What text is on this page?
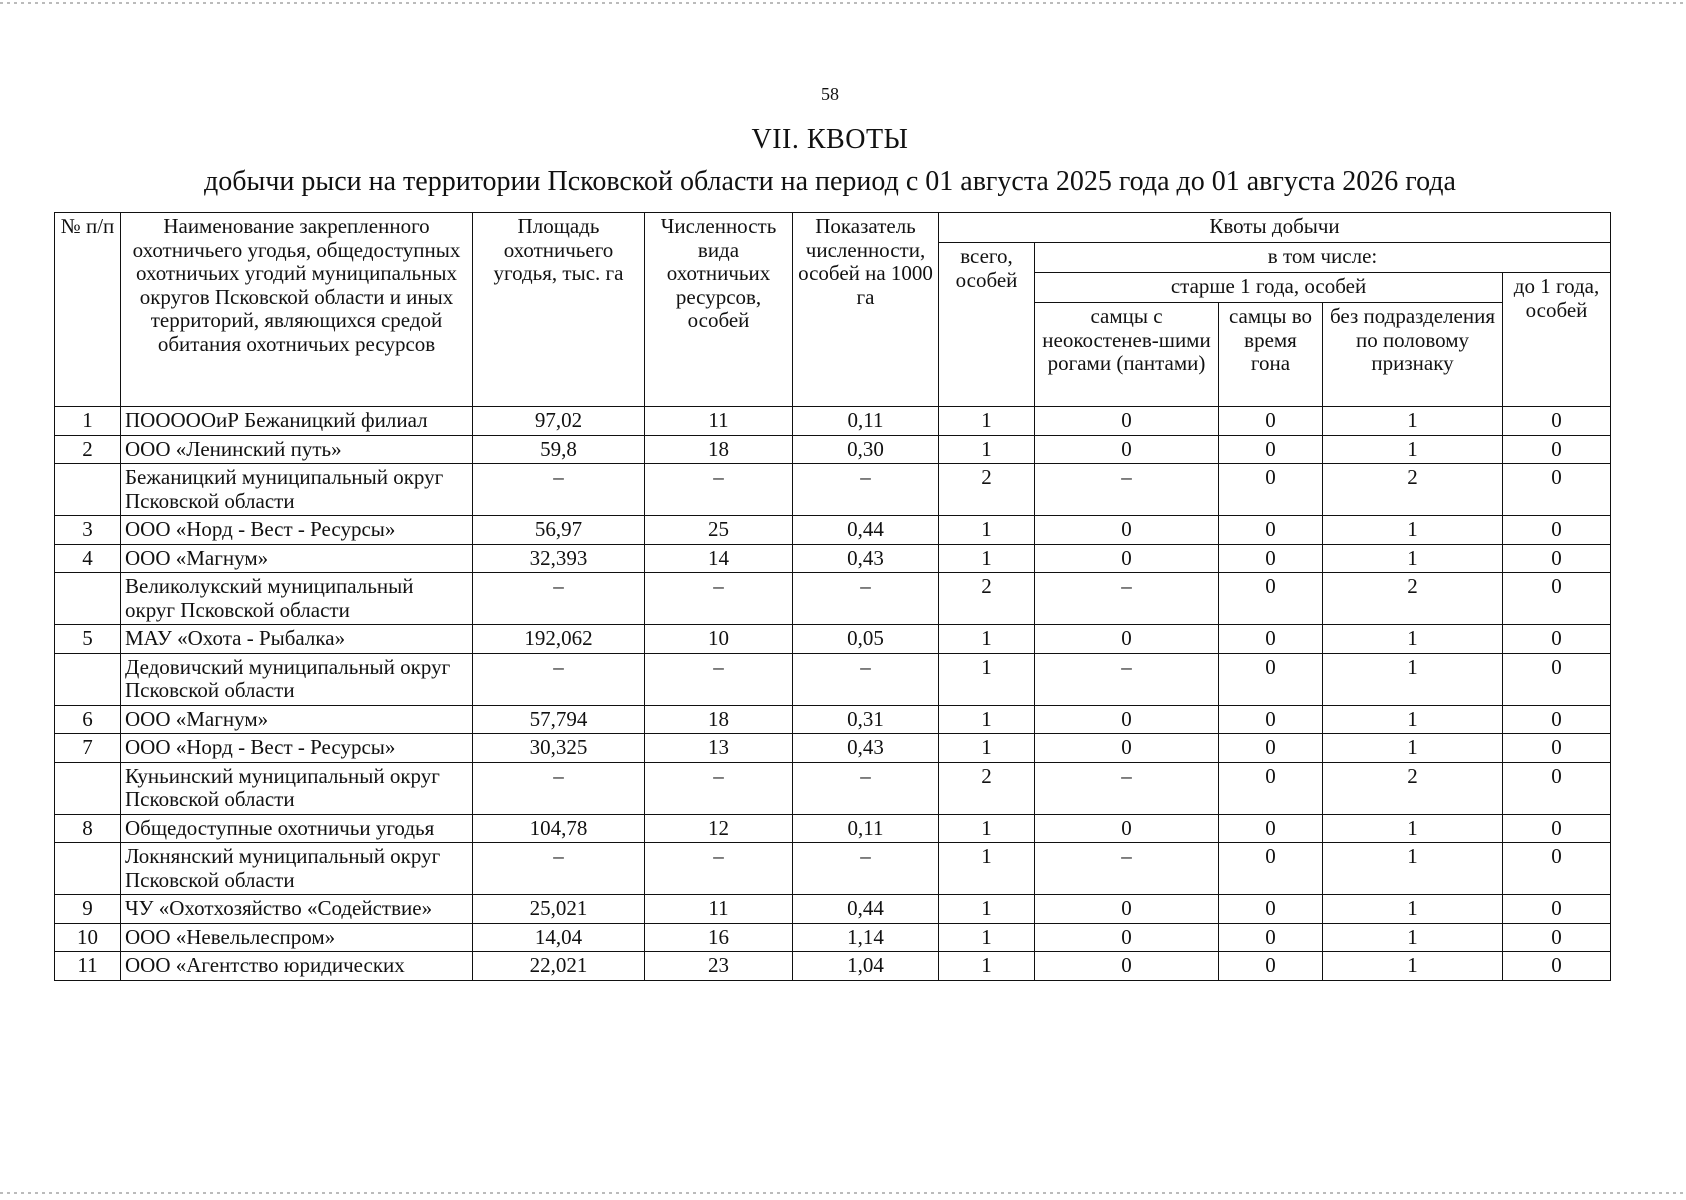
58
VII. КВОТЫ
добычи рыси на территории Псковской области на период с 01 августа 2025 года до 01 августа 2026 года
№ п/п	Наименование закрепленного охотничьего угодья, общедоступных охотничьих угодий муниципальных округов Псковской области и иных территорий, являющихся средой обитания охотничьих ресурсов	Площадь охотничьего угодья, тыс. га	Численность вида охотничьих ресурсов, особей	Показатель численности, особей на 1000 га	Квоты добычи				
					всего, особей	в том числе:			
						старше 1 года, особей			до 1 года, особей
						самцы с неокостенев-шими рогами (пантами)	самцы во время гона	без подразделения по половому признаку	
1	ПОООООиР Бежаницкий филиал	97,02	11	0,11	1	0	0	1	0
2	ООО «Ленинский путь»	59,8	18	0,30	1	0	0	1	0
	Бежаницкий муниципальный округ Псковской области	–	–	–	2	–	0	2	0
3	ООО «Норд - Вест - Ресурсы»	56,97	25	0,44	1	0	0	1	0
4	ООО «Магнум»	32,393	14	0,43	1	0	0	1	0
	Великолукский муниципальный округ Псковской области	–	–	–	2	–	0	2	0
5	МАУ «Охота - Рыбалка»	192,062	10	0,05	1	0	0	1	0
	Дедовичский муниципальный округ Псковской области	–	–	–	1	–	0	1	0
6	ООО «Магнум»	57,794	18	0,31	1	0	0	1	0
7	ООО «Норд - Вест - Ресурсы»	30,325	13	0,43	1	0	0	1	0
	Куньинский муниципальный округ Псковской области	–	–	–	2	–	0	2	0
8	Общедоступные охотничьи угодья	104,78	12	0,11	1	0	0	1	0
	Локнянский муниципальный округ Псковской области	–	–	–	1	–	0	1	0
9	ЧУ «Охотхозяйство «Содействие»	25,021	11	0,44	1	0	0	1	0
10	ООО «Невельлеспром»	14,04	16	1,14	1	0	0	1	0
11	ООО «Агентство юридических	22,021	23	1,04	1	0	0	1	0
